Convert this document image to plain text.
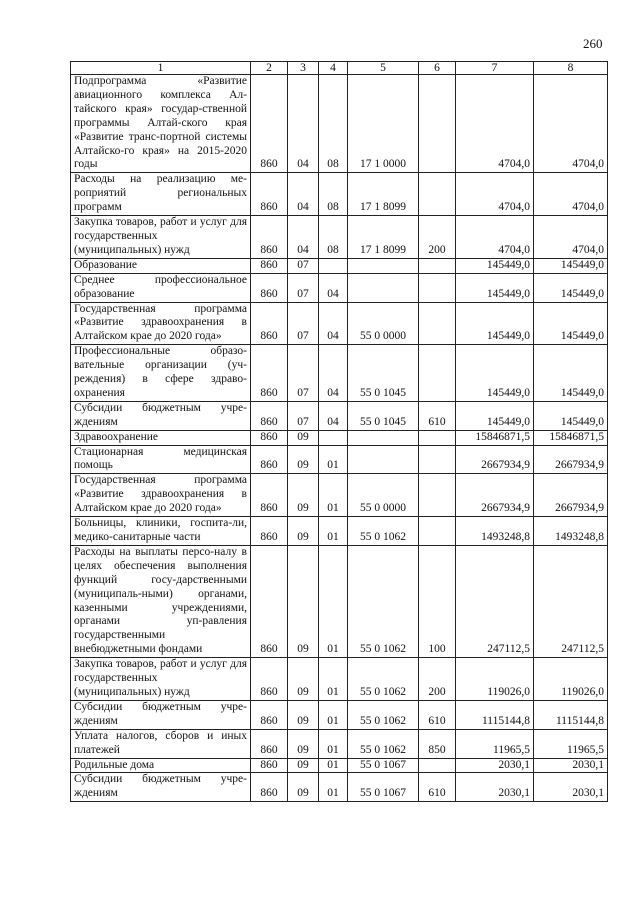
260
1	2	3	4	5	6	7	8
Подпрограмма «Развитие авиационного комплекса Ал-тайского края» государ-ственной программы Алтай-ского края «Развитие транс-портной системы Алтайско-го края» на 2015-2020 годы	860	04	08	17 1 0000		4704,0	4704,0
Расходы на реализацию ме-роприятий региональных программ	860	04	08	17 1 8099		4704,0	4704,0
Закупка товаров, работ и услуг для государственных (муниципальных) нужд	860	04	08	17 1 8099	200	4704,0	4704,0
Образование	860	07				145449,0	145449,0
Среднее профессиональное образование	860	07	04			145449,0	145449,0
Государственная программа «Развитие здравоохранения в Алтайском крае до 2020 года»	860	07	04	55 0 0000		145449,0	145449,0
Профессиональные образо-вательные организации (уч-реждения) в сфере здраво-охранения	860	07	04	55 0 1045		145449,0	145449,0
Субсидии бюджетным учре-ждениям	860	07	04	55 0 1045	610	145449,0	145449,0
Здравоохранение	860	09				15846871,5	15846871,5
Стационарная медицинская помощь	860	09	01			2667934,9	2667934,9
Государственная программа «Развитие здравоохранения в Алтайском крае до 2020 года»	860	09	01	55 0 0000		2667934,9	2667934,9
Больницы, клиники, госпита-ли, медико-санитарные части	860	09	01	55 0 1062		1493248,8	1493248,8
Расходы на выплаты персо-налу в целях обеспечения выполнения функций госу-дарственными (муниципаль-ными) органами, казенными учреждениями, органами уп-равления государственными внебюджетными фондами	860	09	01	55 0 1062	100	247112,5	247112,5
Закупка товаров, работ и услуг для государственных (муниципальных) нужд	860	09	01	55 0 1062	200	119026,0	119026,0
Субсидии бюджетным учре-ждениям	860	09	01	55 0 1062	610	1115144,8	1115144,8
Уплата налогов, сборов и иных платежей	860	09	01	55 0 1062	850	11965,5	11965,5
Родильные дома	860	09	01	55 0 1067		2030,1	2030,1
Субсидии бюджетным учре-ждениям	860	09	01	55 0 1067	610	2030,1	2030,1
